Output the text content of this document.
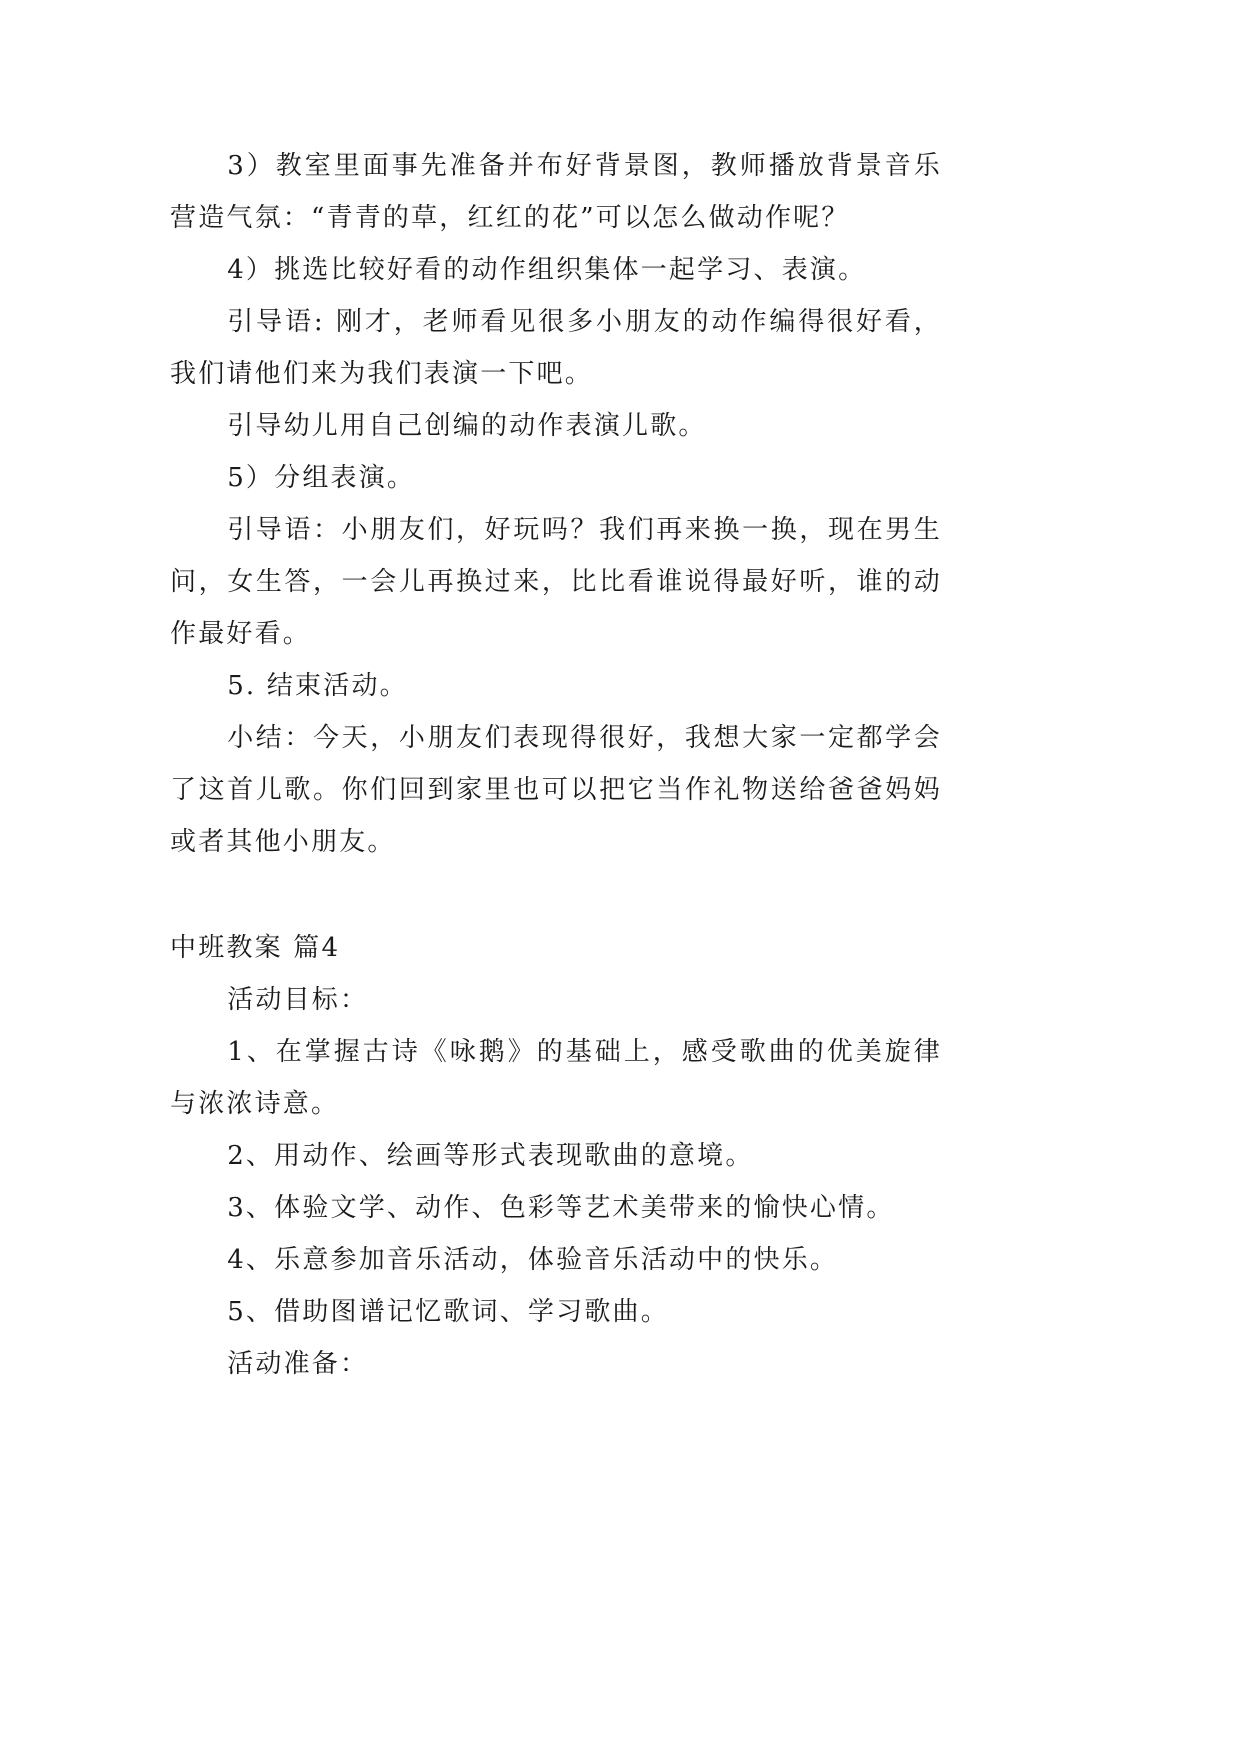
3）教室里面事先准备并布好背景图，教师播放背景音乐营造气氛：“青青的草，红红的花”可以怎么做动作呢？

4）挑选比较好看的动作组织集体一起学习、表演。

引导语: 刚才，老师看见很多小朋友的动作编得很好看，我们请他们来为我们表演一下吧。

引导幼儿用自己创编的动作表演儿歌。

5）分组表演。

引导语：小朋友们，好玩吗？我们再来换一换，现在男生问，女生答，一会儿再换过来，比比看谁说得最好听，谁的动作最好看。

5. 结束活动。

小结：今天，小朋友们表现得很好，我想大家一定都学会了这首儿歌。你们回到家里也可以把它当作礼物送给爸爸妈妈或者其他小朋友。

中班教案 篇4

活动目标：

1、在掌握古诗《咏鹅》的基础上，感受歌曲的优美旋律与浓浓诗意。

2、用动作、绘画等形式表现歌曲的意境。

3、体验文学、动作、色彩等艺术美带来的愉快心情。

4、乐意参加音乐活动，体验音乐活动中的快乐。

5、借助图谱记忆歌词、学习歌曲。

活动准备：
